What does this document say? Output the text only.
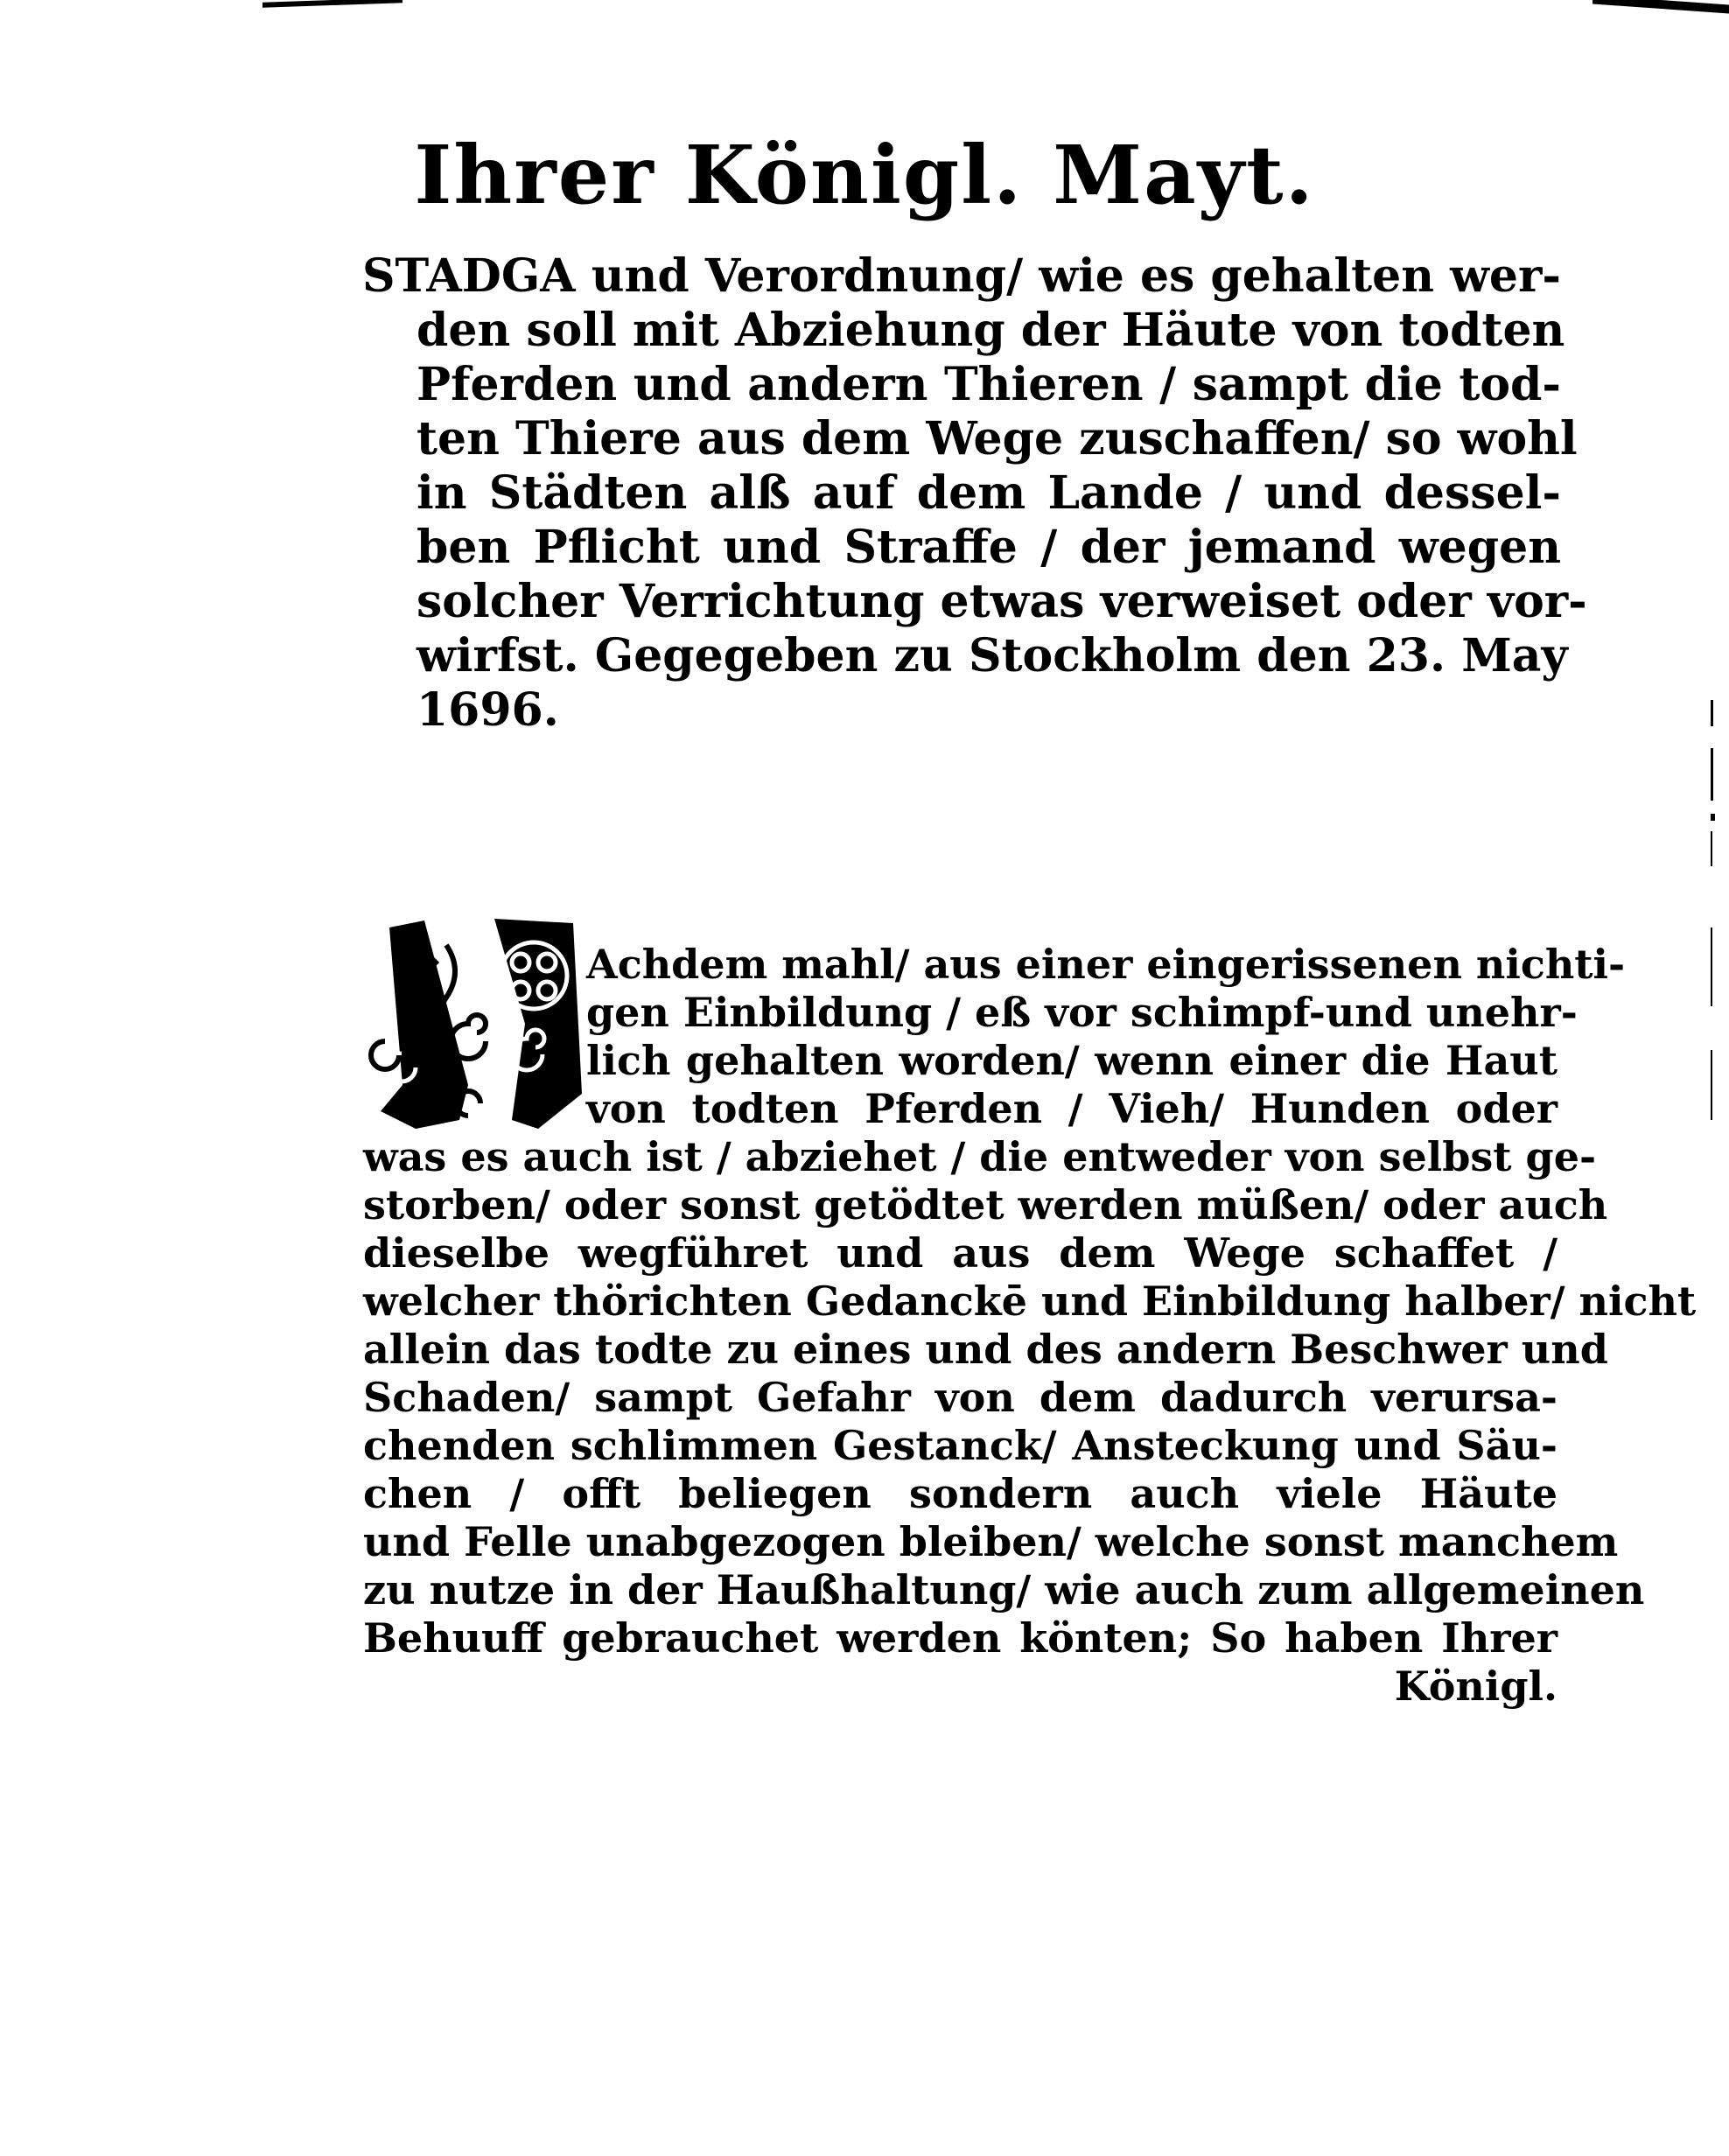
Ihrer Königl. Mayt.
STADGA und Verordnung/ wie es gehalten wer-
den soll mit Abziehung der Häute von todten
Pferden und andern Thieren / sampt die tod-
ten Thiere aus dem Wege zuschaffen/ so wohl
in Städten alß auf dem Lande / und dessel-
ben Pflicht und Straffe / der jemand wegen
solcher Verrichtung etwas verweiset oder vor-
wirfst. Gegegeben zu Stockholm den 23. May
1696.
Achdem mahl/ aus einer eingerissenen nichti-
gen Einbildung / eß vor schimpf-und unehr-
lich gehalten worden/ wenn einer die Haut
von todten Pferden / Vieh/ Hunden oder
was es auch ist / abziehet / die entweder von selbst ge-
storben/ oder sonst getödtet werden müßen/ oder auch
dieselbe wegführet und aus dem Wege schaffet /
welcher thörichten Gedanckē und Einbildung halber/ nicht
allein das todte zu eines und des andern Beschwer und
Schaden/ sampt Gefahr von dem dadurch verursa-
chenden schlimmen Gestanck/ Ansteckung und Säu-
chen / offt beliegen sondern auch viele Häute
und Felle unabgezogen bleiben/ welche sonst manchem
zu nutze in der Haußhaltung/ wie auch zum allgemeinen
Behuuff gebrauchet werden könten; So haben Ihrer
Königl.
